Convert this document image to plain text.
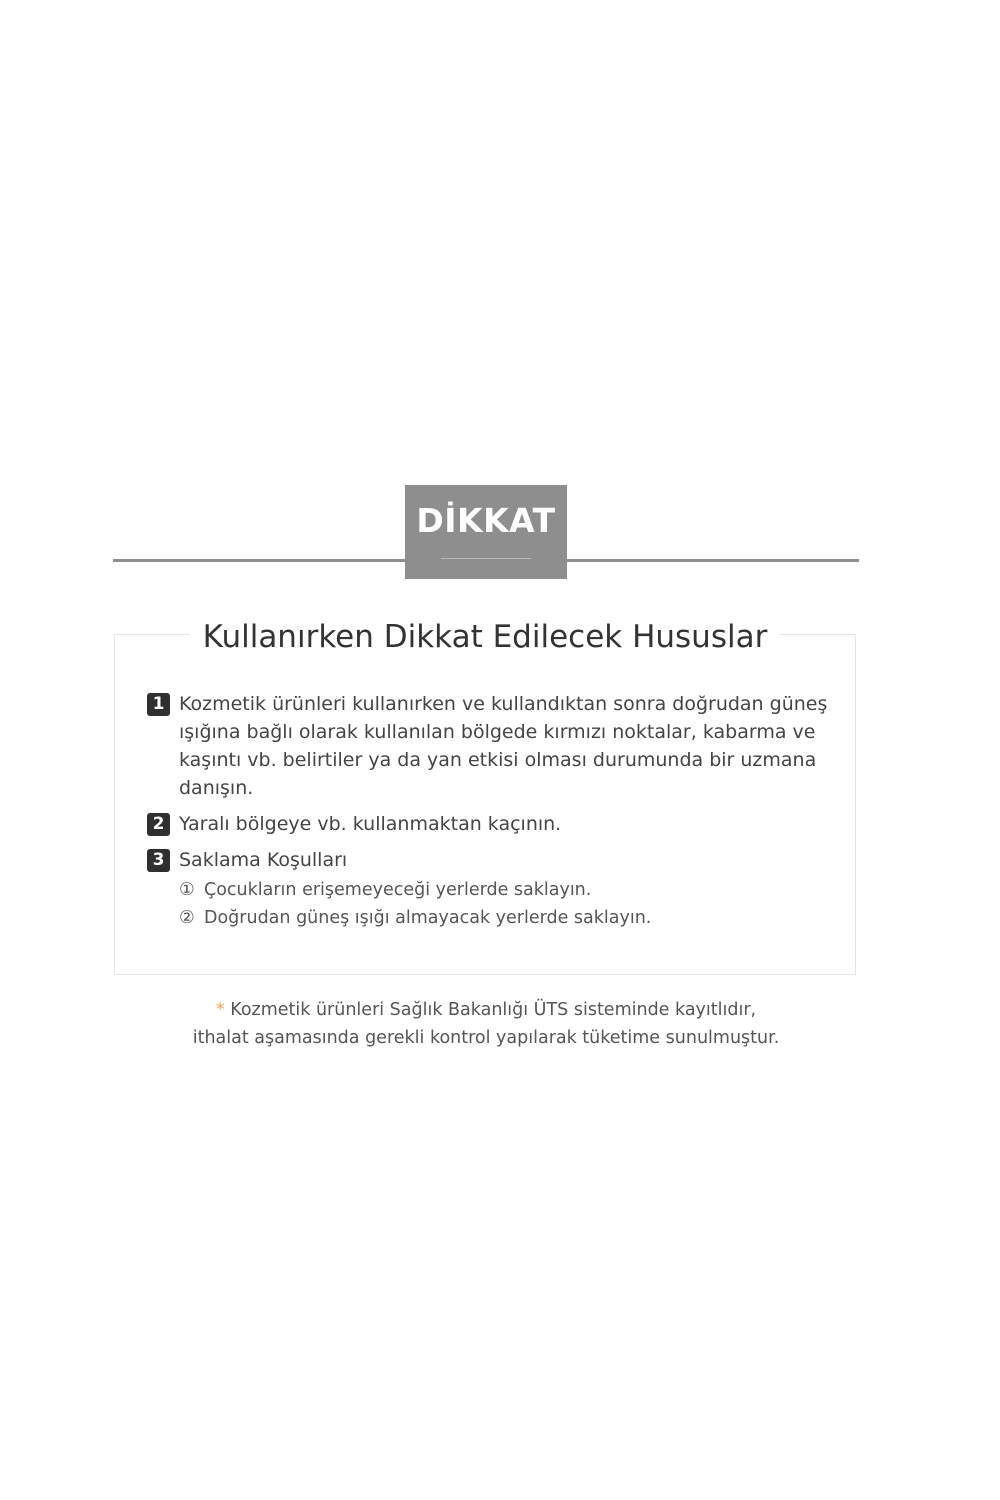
DİKKAT
Kullanırken Dikkat Edilecek Hususlar
1 Kozmetik ürünleri kullanırken ve kullandıktan sonra doğrudan güneş ışığına bağlı olarak kullanılan bölgede kırmızı noktalar, kabarma ve kaşıntı vb. belirtiler ya da yan etkisi olması durumunda bir uzmana danışın.
2 Yaralı bölgeye vb. kullanmaktan kaçının.
3 Saklama Koşulları
① Çocukların erişemeyeceği yerlerde saklayın.
② Doğrudan güneş ışığı almayacak yerlerde saklayın.
* Kozmetik ürünleri Sağlık Bakanlığı ÜTS sisteminde kayıtlıdır,
ithalat aşamasında gerekli kontrol yapılarak tüketime sunulmuştur.
